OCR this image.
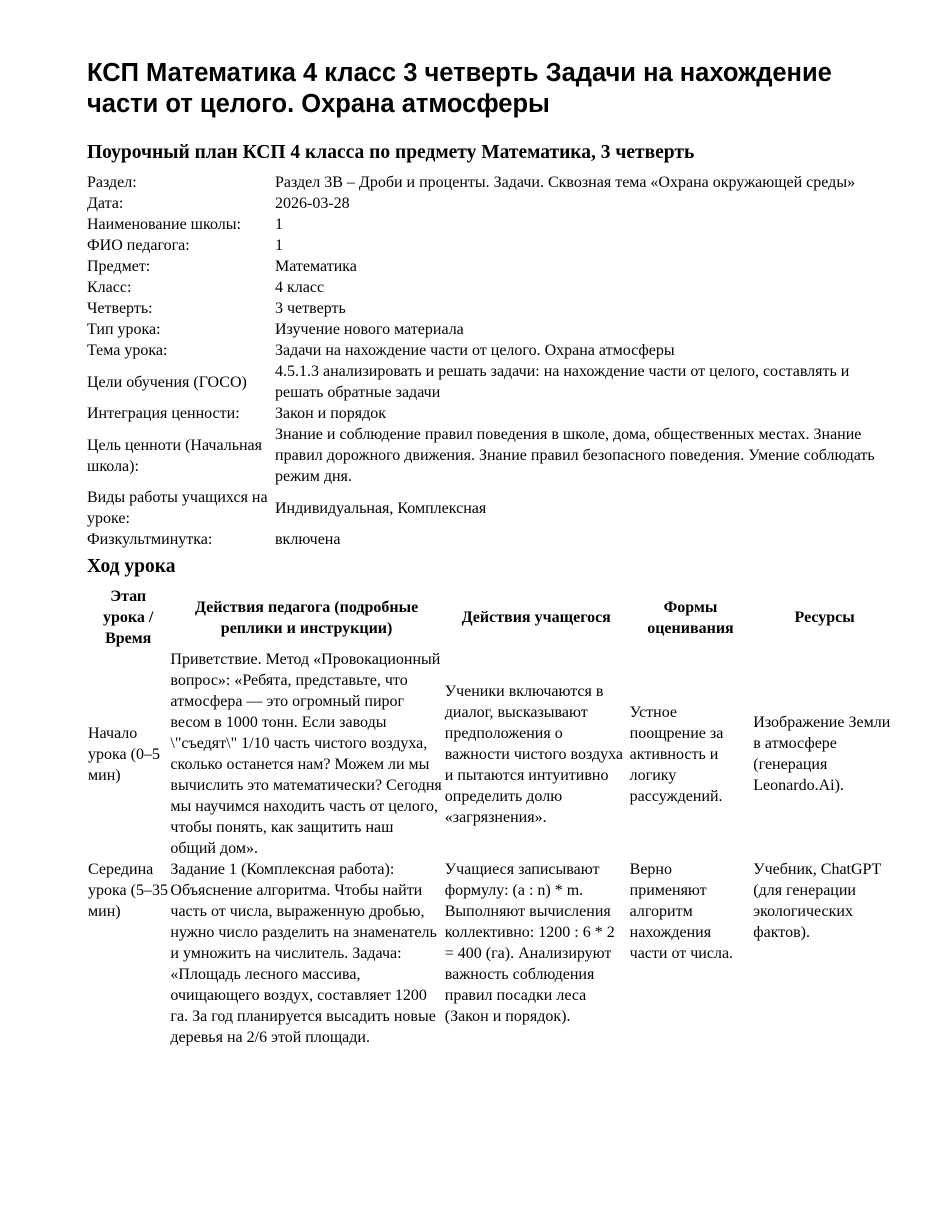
КСП Математика 4 класс 3 четверть Задачи на нахождение части от целого. Охрана атмосферы
Поурочный план КСП 4 класса по предмету Математика, 3 четверть
Раздел:	Раздел 3В – Дроби и проценты. Задачи. Сквозная тема «Охрана окружающей среды»
Дата:	2026-03-28
Наименование школы:	1
ФИО педагога:	1
Предмет:	Математика
Класс:	4 класс
Четверть:	3 четверть
Тип урока:	Изучение нового материала
Тема урока:	Задачи на нахождение части от целого. Охрана атмосферы
Цели обучения (ГОСО)	4.5.1.3 анализировать и решать задачи: на нахождение части от целого, составлять и решать обратные задачи
Интеграция ценности:	Закон и порядок
Цель ценноти (Начальная школа):	Знание и соблюдение правил поведения в школе, дома, общественных местах. Знание правил дорожного движения. Знание правил безопасного поведения. Умение соблюдать режим дня.
Виды работы учащихся на уроке:	Индивидуальная, Комплексная
Физкультминутка:	включена
Ход урока
Этап урока / Время	Действия педагога (подробные реплики и инструкции)	Действия учащегося	Формы оценивания	Ресурсы
Начало урока (0–5 мин)	Приветствие. Метод «Провокационный вопрос»: «Ребята, представьте, что атмосфера — это огромный пирог весом в 1000 тонн. Если заводы \"съедят\" 1/10 часть чистого воздуха, сколько останется нам? Можем ли мы вычислить это математически? Сегодня мы научимся находить часть от целого, чтобы понять, как защитить наш общий дом».	Ученики включаются в диалог, высказывают предположения о важности чистого воздуха и пытаются интуитивно определить долю «загрязнения».	Устное поощрение за активность и логику рассуждений.	Изображение Земли в атмосфере (генерация Leonardo.Ai).
Середина урока (5–35 мин)	Задание 1 (Комплексная работа): Объяснение алгоритма. Чтобы найти часть от числа, выраженную дробью, нужно число разделить на знаменатель и умножить на числитель. Задача: «Площадь лесного массива, очищающего воздух, составляет 1200 га. За год планируется высадить новые деревья на 2/6 этой площади.	Учащиеся записывают формулу: (a : n) * m. Выполняют вычисления коллективно: 1200 : 6 * 2 = 400 (га). Анализируют важность соблюдения правил посадки леса (Закон и порядок).	Верно применяют алгоритм нахождения части от числа.	Учебник, ChatGPT (для генерации экологических фактов).
